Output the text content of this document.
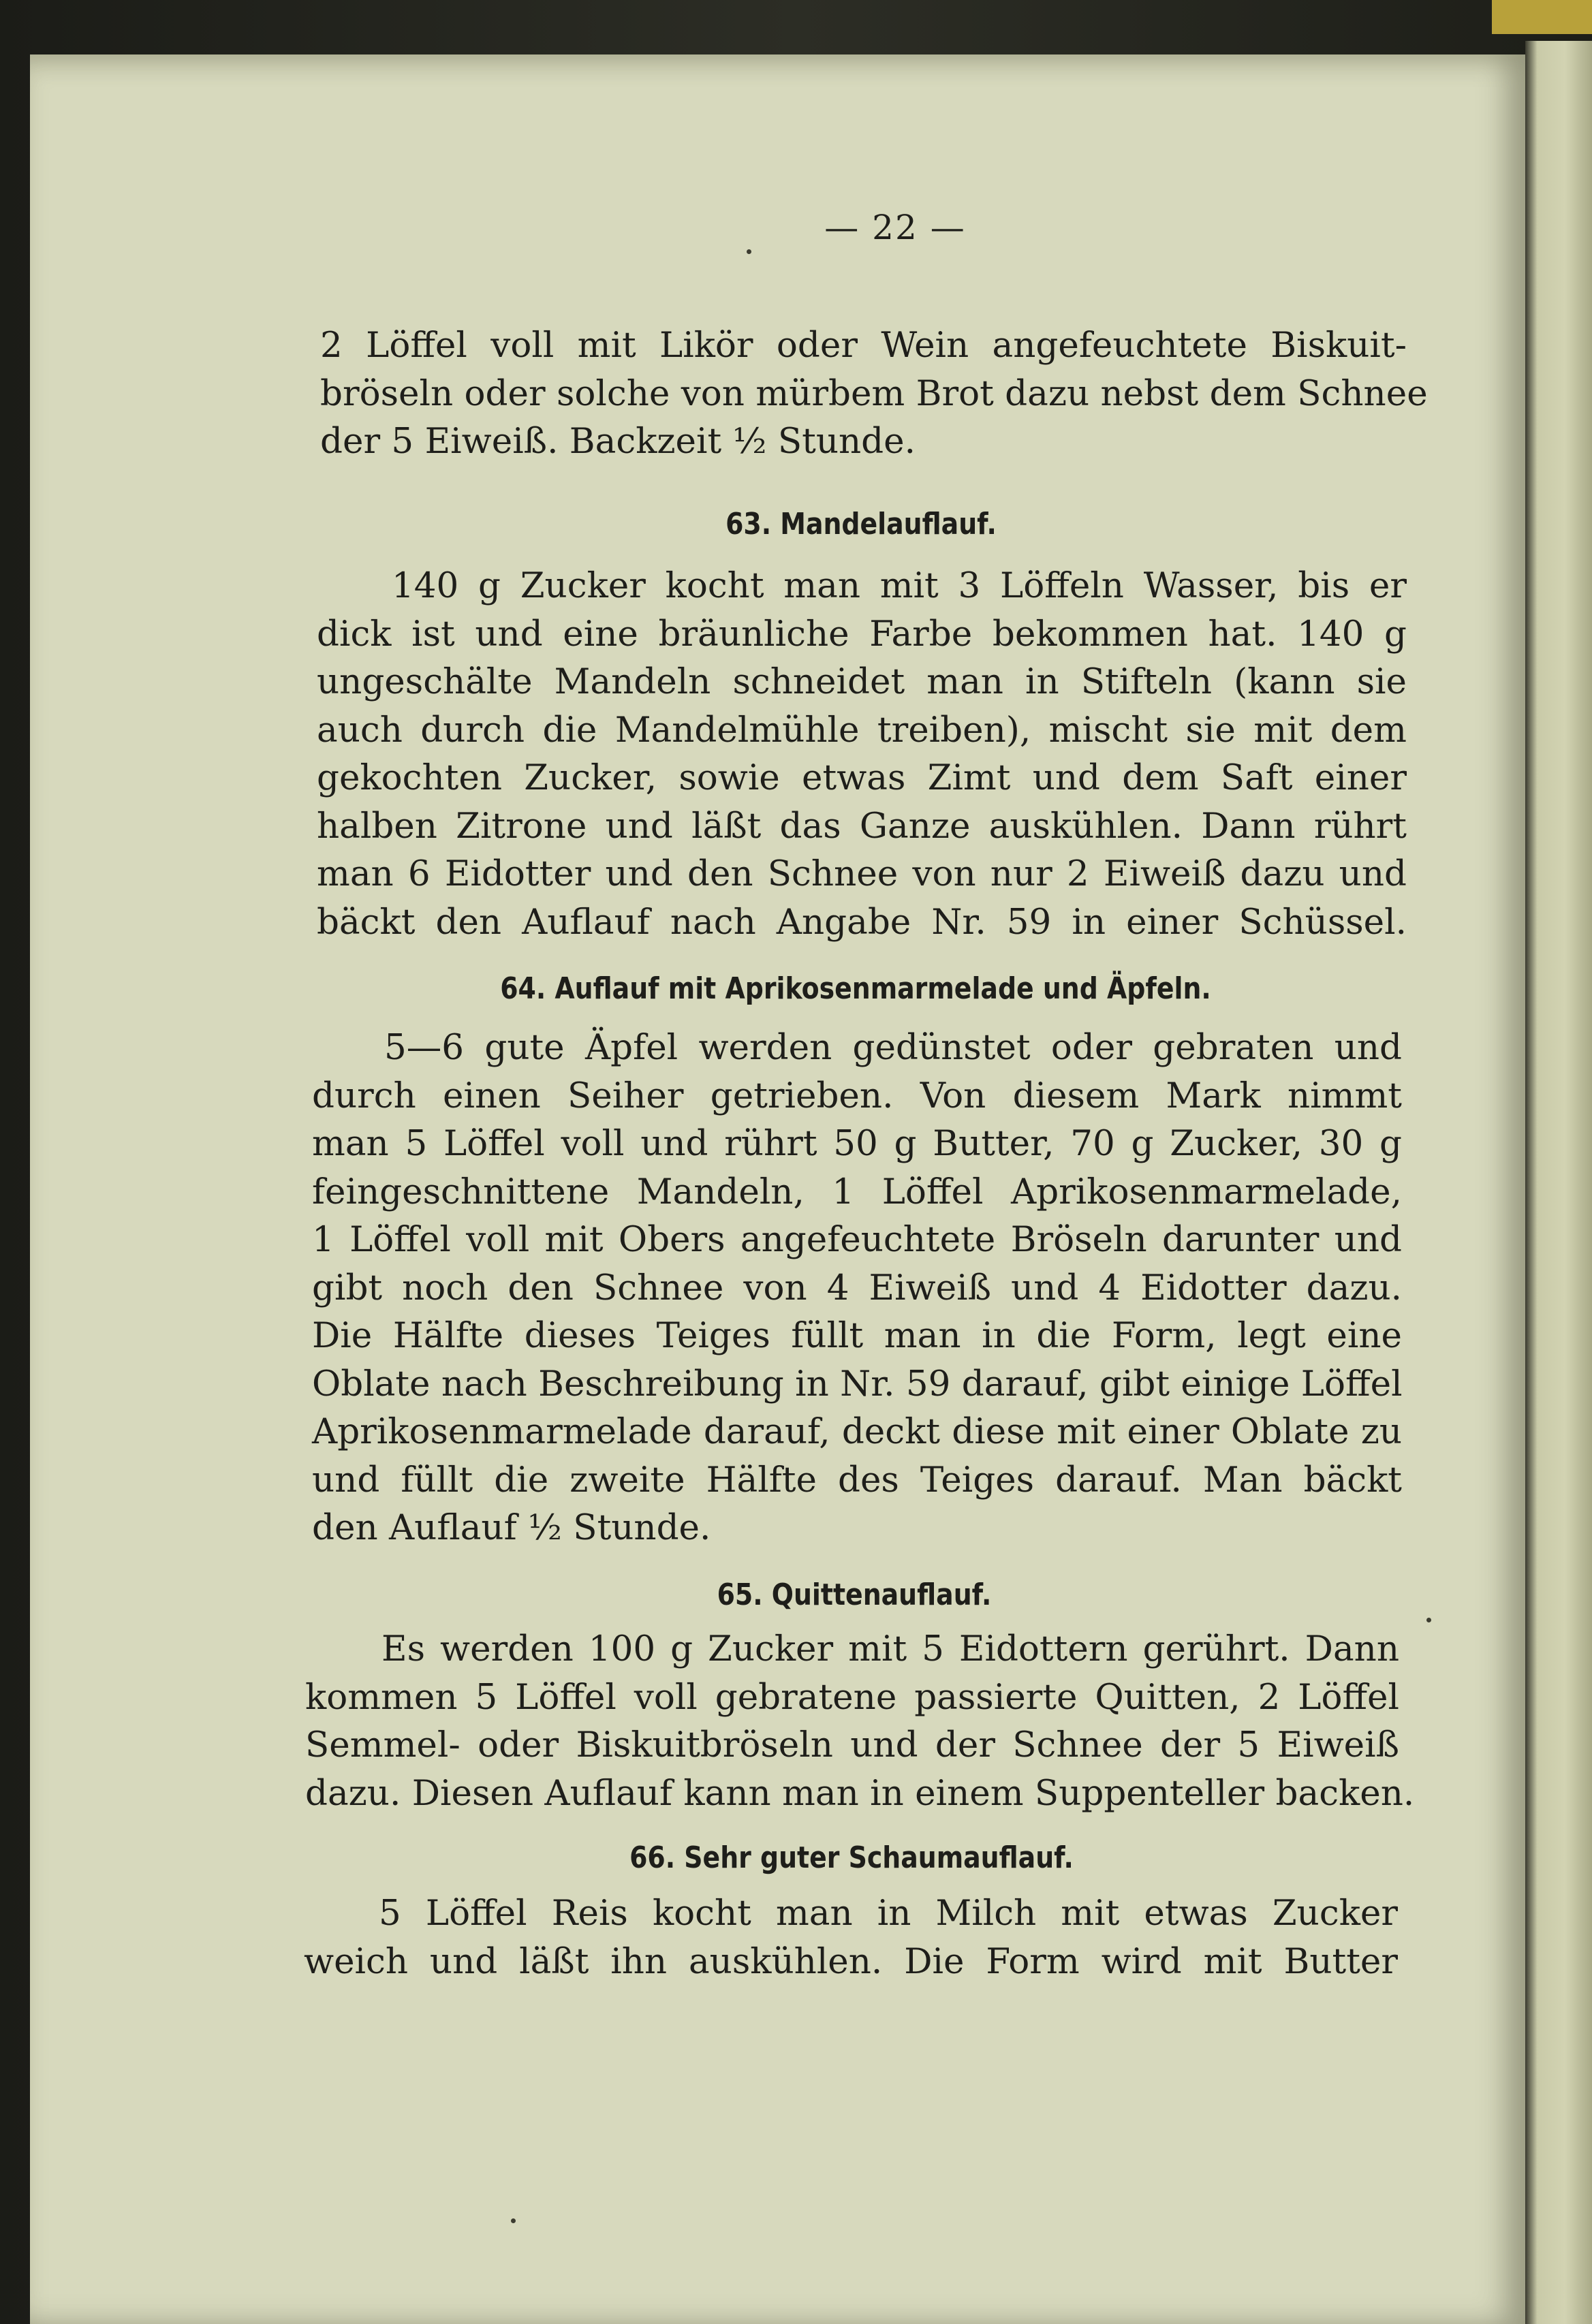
— 22 —
2 Löffel voll mit Likör oder Wein angefeuchtete Biskuit-
bröseln oder solche von mürbem Brot dazu nebst dem Schnee
der 5 Eiweiß. Backzeit ½ Stunde.
63. Mandelauflauf.
140 g Zucker kocht man mit 3 Löffeln Wasser, bis er
dick ist und eine bräunliche Farbe bekommen hat. 140 g
ungeschälte Mandeln schneidet man in Stifteln (kann sie
auch durch die Mandelmühle treiben), mischt sie mit dem
gekochten Zucker, sowie etwas Zimt und dem Saft einer
halben Zitrone und läßt das Ganze auskühlen. Dann rührt
man 6 Eidotter und den Schnee von nur 2 Eiweiß dazu und
bäckt den Auflauf nach Angabe Nr. 59 in einer Schüssel.
64. Auflauf mit Aprikosenmarmelade und Äpfeln.
5—6 gute Äpfel werden gedünstet oder gebraten und
durch einen Seiher getrieben. Von diesem Mark nimmt
man 5 Löffel voll und rührt 50 g Butter, 70 g Zucker, 30 g
feingeschnittene Mandeln, 1 Löffel Aprikosenmarmelade,
1 Löffel voll mit Obers angefeuchtete Bröseln darunter und
gibt noch den Schnee von 4 Eiweiß und 4 Eidotter dazu.
Die Hälfte dieses Teiges füllt man in die Form, legt eine
Oblate nach Beschreibung in Nr. 59 darauf, gibt einige Löffel
Aprikosenmarmelade darauf, deckt diese mit einer Oblate zu
und füllt die zweite Hälfte des Teiges darauf. Man bäckt
den Auflauf ½ Stunde.
65. Quittenauflauf.
Es werden 100 g Zucker mit 5 Eidottern gerührt. Dann
kommen 5 Löffel voll gebratene passierte Quitten, 2 Löffel
Semmel- oder Biskuitbröseln und der Schnee der 5 Eiweiß
dazu. Diesen Auflauf kann man in einem Suppenteller backen.
66. Sehr guter Schaumauflauf.
5 Löffel Reis kocht man in Milch mit etwas Zucker
weich und läßt ihn auskühlen. Die Form wird mit Butter
